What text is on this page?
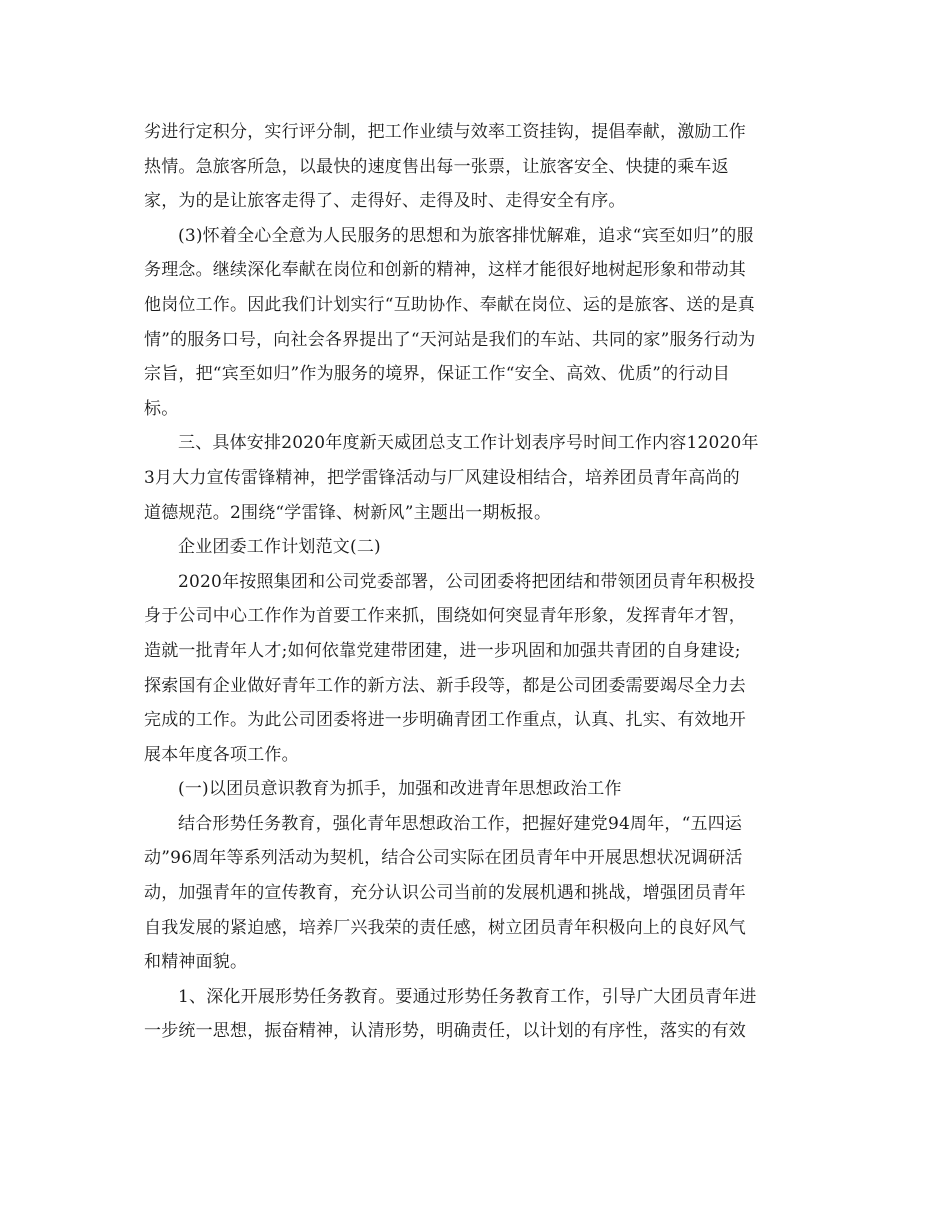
劣进行定积分，实行评分制，把工作业绩与效率工资挂钩，提倡奉献，激励工作
热情。急旅客所急，以最快的速度售出每一张票，让旅客安全、快捷的乘车返
家，为的是让旅客走得了、走得好、走得及时、走得安全有序。
(3)怀着全心全意为人民服务的思想和为旅客排忧解难，追求“宾至如归”的服
务理念。继续深化奉献在岗位和创新的精神，这样才能很好地树起形象和带动其
他岗位工作。因此我们计划实行“互助协作、奉献在岗位、运的是旅客、送的是真
情”的服务口号，向社会各界提出了“天河站是我们的车站、共同的家”服务行动为
宗旨，把“宾至如归”作为服务的境界，保证工作“安全、高效、优质”的行动目
标。
三、具体安排2020年度新天威团总支工作计划表序号时间工作内容12020年
3月大力宣传雷锋精神，把学雷锋活动与厂风建设相结合，培养团员青年高尚的
道德规范。2围绕“学雷锋、树新风”主题出一期板报。
企业团委工作计划范文(二)
2020年按照集团和公司党委部署，公司团委将把团结和带领团员青年积极投
身于公司中心工作作为首要工作来抓，围绕如何突显青年形象，发挥青年才智，
造就一批青年人才;如何依靠党建带团建，进一步巩固和加强共青团的自身建设;
探索国有企业做好青年工作的新方法、新手段等，都是公司团委需要竭尽全力去
完成的工作。为此公司团委将进一步明确青团工作重点，认真、扎实、有效地开
展本年度各项工作。
(一)以团员意识教育为抓手，加强和改进青年思想政治工作
结合形势任务教育，强化青年思想政治工作，把握好建党94周年，“五四运
动”96周年等系列活动为契机，结合公司实际在团员青年中开展思想状况调研活
动，加强青年的宣传教育，充分认识公司当前的发展机遇和挑战，增强团员青年
自我发展的紧迫感，培养厂兴我荣的责任感，树立团员青年积极向上的良好风气
和精神面貌。
1、深化开展形势任务教育。要通过形势任务教育工作，引导广大团员青年进
一步统一思想，振奋精神，认清形势，明确责任，以计划的有序性，落实的有效
